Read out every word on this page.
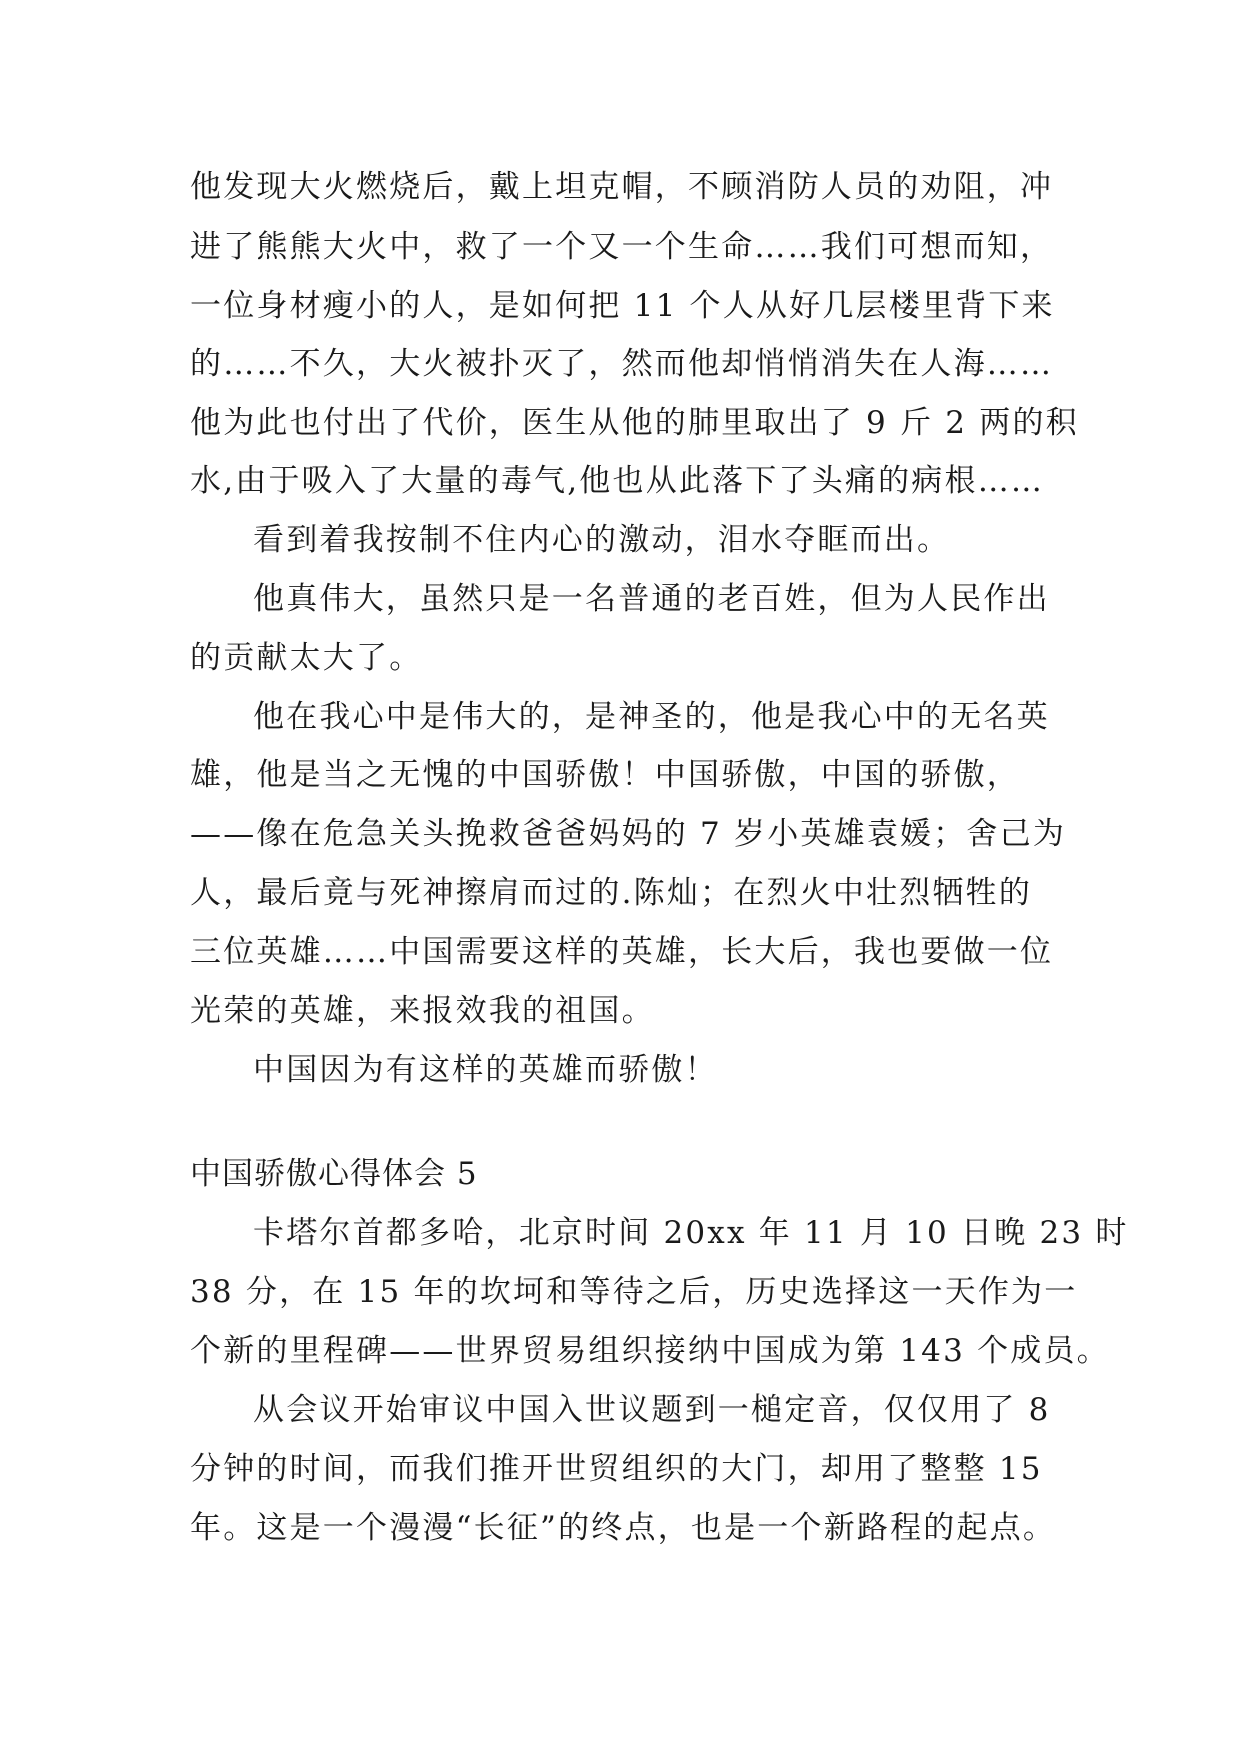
他发现大火燃烧后，戴上坦克帽，不顾消防人员的劝阻，冲
进了熊熊大火中，救了一个又一个生命……我们可想而知，
一位身材瘦小的人，是如何把 11 个人从好几层楼里背下来
的……不久，大火被扑灭了，然而他却悄悄消失在人海……
他为此也付出了代价，医生从他的肺里取出了 9 斤 2 两的积
水,由于吸入了大量的毒气,他也从此落下了头痛的病根……
看到着我按制不住内心的激动，泪水夺眶而出。
他真伟大，虽然只是一名普通的老百姓，但为人民作出
的贡献太大了。
他在我心中是伟大的，是神圣的，他是我心中的无名英
雄，他是当之无愧的中国骄傲！中国骄傲，中国的骄傲，
——像在危急关头挽救爸爸妈妈的 7 岁小英雄袁媛；舍己为
人，最后竟与死神擦肩而过的.陈灿；在烈火中壮烈牺牲的
三位英雄……中国需要这样的英雄，长大后，我也要做一位
光荣的英雄，来报效我的祖国。
中国因为有这样的英雄而骄傲！
中国骄傲心得体会 5
卡塔尔首都多哈，北京时间 20xx 年 11 月 10 日晚 23 时
38 分，在 15 年的坎坷和等待之后，历史选择这一天作为一
个新的里程碑——世界贸易组织接纳中国成为第 143 个成员。
从会议开始审议中国入世议题到一槌定音，仅仅用了 8
分钟的时间，而我们推开世贸组织的大门，却用了整整 15
年。这是一个漫漫“长征”的终点，也是一个新路程的起点。
